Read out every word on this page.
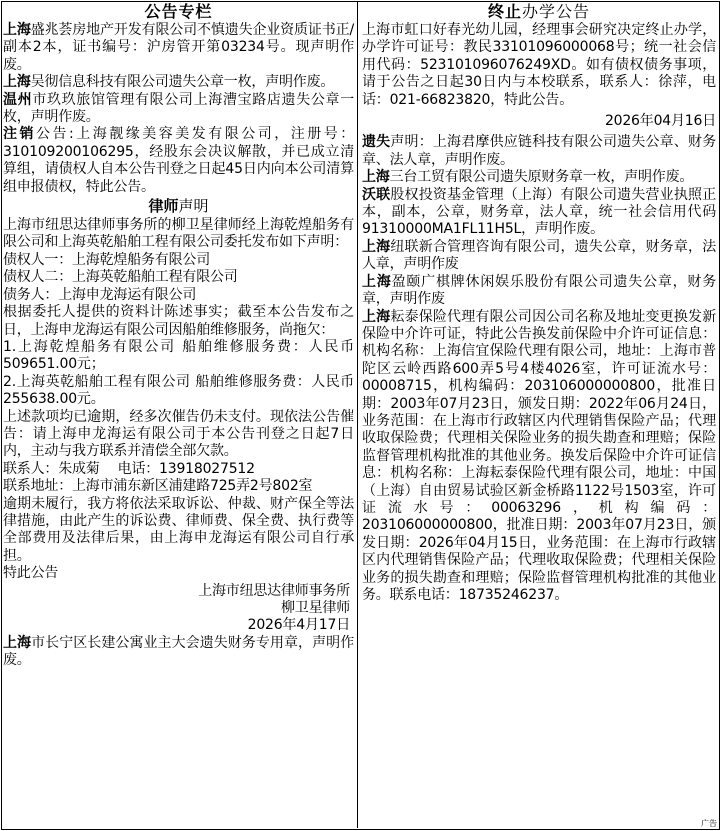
公告专栏

上海盛兆荟房地产开发有限公司不慎遗失企业资质证书正/副本2本，证书编号：沪房管开第03234号。现声明作废。

上海吴彻信息科技有限公司遗失公章一枚，声明作废。

温州市玖玖旅馆管理有限公司上海漕宝路店遗失公章一枚，声明作废。

注销公告:上海靓缘美容美发有限公司，注册号：310109200106295，经股东会决议解散，并已成立清算组，请债权人自本公告刊登之日起45日内向本公司清算组申报债权，特此公告。

律师声明

上海市纽思达律师事务所的柳卫星律师经上海乾煌船务有限公司和上海英乾船舶工程有限公司委托发布如下声明：

债权人一：上海乾煌船务有限公司

债权人二：上海英乾船舶工程有限公司

债务人：上海申龙海运有限公司

根据委托人提供的资料计陈述事实；截至本公告发布之日，上海申龙海运有限公司因船舶维修服务，尚拖欠：

1.上海乾煌船务有限公司 船舶维修服务费：人民币 509651.00元；

2.上海英乾船舶工程有限公司 船舶维修服务费：人民币 255638.00元。

上述款项均已逾期，经多次催告仍未支付。现依法公告催告：请上海申龙海运有限公司于本公告刊登之日起7日内，主动与我方联系并清偿全部欠款。

联系人：朱成菊　 电话：13918027512

联系地址：上海市浦东新区浦建路725弄2号802室

逾期未履行，我方将依法采取诉讼、仲裁、财产保全等法律措施，由此产生的诉讼费、律师费、保全费、执行费等全部费用及法律后果，由上海申龙海运有限公司自行承担。

特此公告

上海市纽思达律师事务所

柳卫星律师

2026年4月17日

上海市长宁区长建公寓业主大会遗失财务专用章，声明作废。

终止办学公告

上海市虹口好春光幼儿园，经理事会研究决定终止办学，办学许可证号：教民33101096000068号；统一社会信用代码：523101096076249XD。如有债权债务事项，请于公告之日起30日内与本校联系，联系人：徐萍，电话：021-66823820，特此公告。

2026年04月16日

遗失声明：上海君摩供应链科技有限公司遗失公章、财务章、法人章，声明作废。

上海三台工贸有限公司遗失原财务章一枚，声明作废。

沃联股权投资基金管理（上海）有限公司遗失营业执照正本，副本，公章，财务章，法人章，统一社会信用代码91310000MA1FL11H5L，声明作废。

上海纽联新合管理咨询有限公司，遗失公章，财务章，法人章，声明作废

上海盈颐广棋牌休闲娱乐股份有限公司遗失公章，财务章，声明作废

上海耘泰保险代理有限公司因公司名称及地址变更换发新保险中介许可证，特此公告换发前保险中介许可证信息：机构名称：上海信宜保险代理有限公司，地址：上海市普陀区云岭西路600弄5号4楼4026室，许可证流水号：00008715，机构编码：203106000000800，批准日期：2003年07月23日，颁发日期：2022年06月24日，业务范围：在上海市行政辖区内代理销售保险产品；代理收取保险费；代理相关保险业务的损失勘查和理赔；保险监督管理机构批准的其他业务。换发后保险中介许可证信息：机构名称：上海耘泰保险代理有限公司，地址：中国（上海）自由贸易试验区新金桥路1122号1503室，许可证流水号：00063296，机构编码：203106000000800，批准日期：2003年07月23日，颁发日期：2026年04月15日，业务范围：在上海市行政辖区内代理销售保险产品；代理收取保险费；代理相关保险业务的损失勘查和理赔；保险监督管理机构批准的其他业务。联系电话：18735246237。

广告
